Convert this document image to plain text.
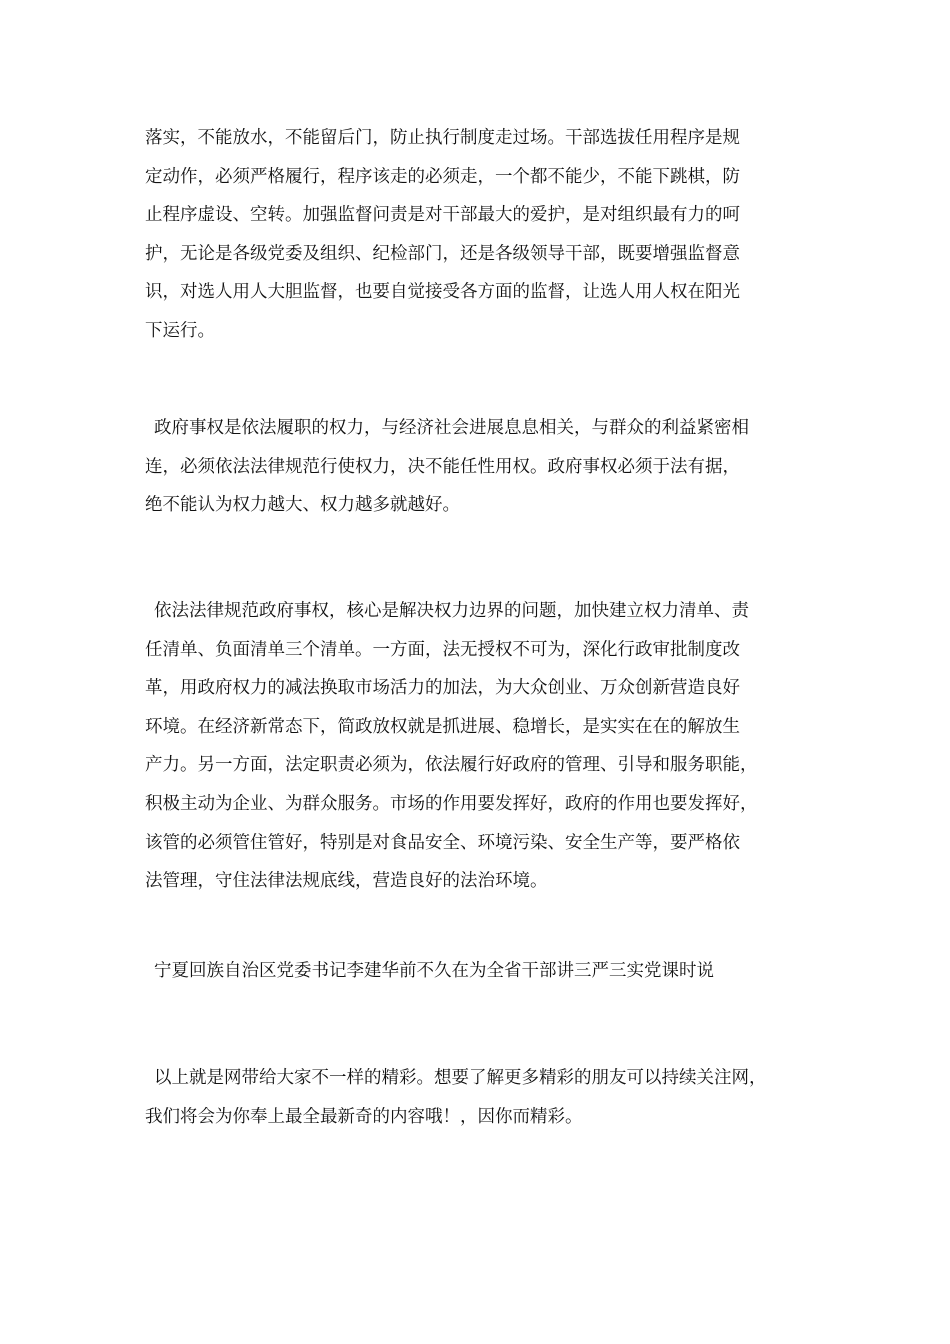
落实，不能放水，不能留后门，防止执行制度走过场。干部选拔任用程序是规
定动作，必须严格履行，程序该走的必须走，一个都不能少，不能下跳棋，防
止程序虚设、空转。加强监督问责是对干部最大的爱护，是对组织最有力的呵
护，无论是各级党委及组织、纪检部门，还是各级领导干部，既要增强监督意
识，对选人用人大胆监督，也要自觉接受各方面的监督，让选人用人权在阳光
下运行。

政府事权是依法履职的权力，与经济社会进展息息相关，与群众的利益紧密相
连，必须依法法律规范行使权力，决不能任性用权。政府事权必须于法有据，
绝不能认为权力越大、权力越多就越好。

依法法律规范政府事权，核心是解决权力边界的问题，加快建立权力清单、责
任清单、负面清单三个清单。一方面，法无授权不可为，深化行政审批制度改
革，用政府权力的减法换取市场活力的加法，为大众创业、万众创新营造良好
环境。在经济新常态下，简政放权就是抓进展、稳增长，是实实在在的解放生
产力。另一方面，法定职责必须为，依法履行好政府的管理、引导和服务职能，
积极主动为企业、为群众服务。市场的作用要发挥好，政府的作用也要发挥好，
该管的必须管住管好，特别是对食品安全、环境污染、安全生产等，要严格依
法管理，守住法律法规底线，营造良好的法治环境。

宁夏回族自治区党委书记李建华前不久在为全省干部讲三严三实党课时说

以上就是网带给大家不一样的精彩。想要了解更多精彩的朋友可以持续关注网，
我们将会为你奉上最全最新奇的内容哦！，因你而精彩。
